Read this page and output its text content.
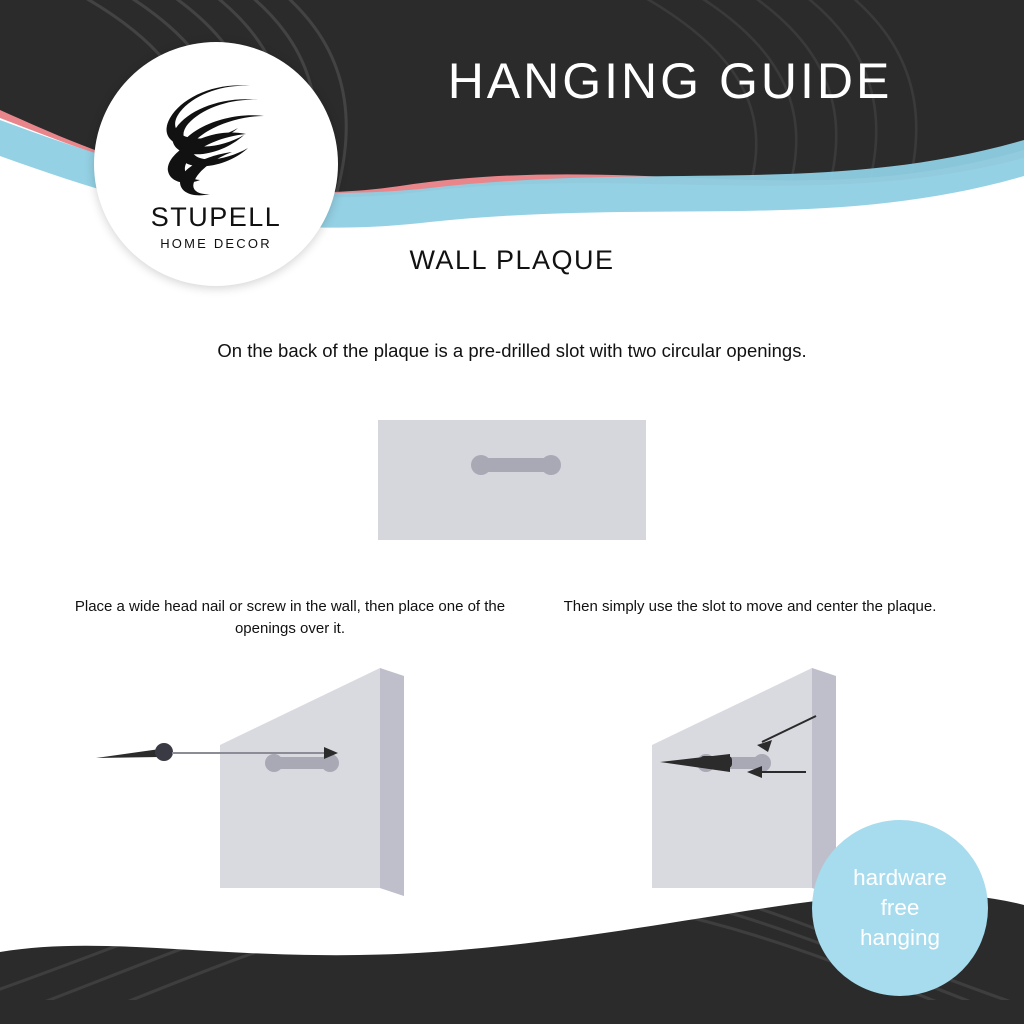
HANGING GUIDE
STUPELL
HOME DECOR
WALL PLAQUE
On the back of the plaque is a pre-drilled slot with two circular openings.
Place a wide head nail or screw in the wall, then place one of the openings over it.
Then simply use the slot to move and center the plaque.
hardware
free
hanging
